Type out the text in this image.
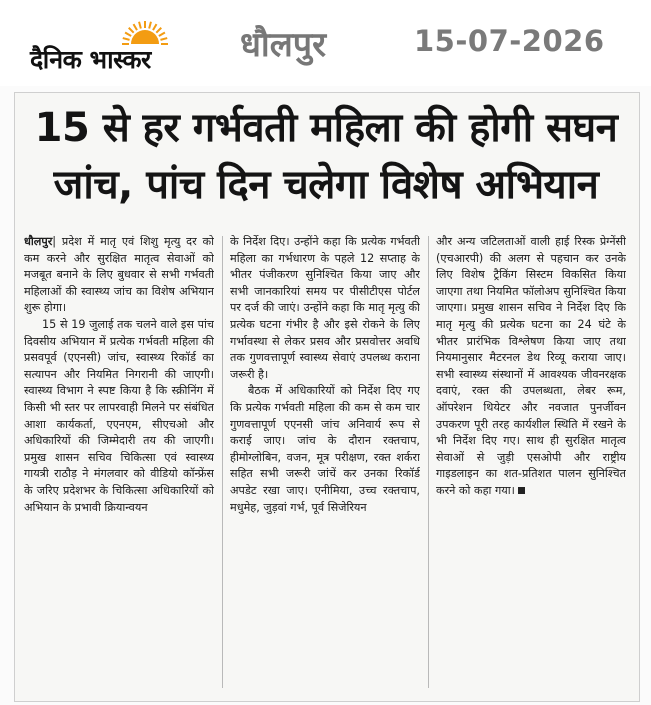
दैनिक भास्कर	धौलपुर	15-07-2026
15 से हर गर्भवती महिला की होगी सघन
जांच, पांच दिन चलेगा विशेष अभियान

धौलपुर| प्रदेश में मातृ एवं शिशु मृत्यु दर को कम करने और सुरक्षित मातृत्व सेवाओं को मजबूत बनाने के लिए बुधवार से सभी गर्भवती महिलाओं की स्वास्थ्य जांच का विशेष अभियान शुरू होगा।

15 से 19 जुलाई तक चलने वाले इस पांच दिवसीय अभियान में प्रत्येक गर्भवती महिला की प्रसवपूर्व (एएनसी) जांच, स्वास्थ्य रिकॉर्ड का सत्यापन और नियमित निगरानी की जाएगी। स्वास्थ्य विभाग ने स्पष्ट किया है कि स्क्रीनिंग में किसी भी स्तर पर लापरवाही मिलने पर संबंधित आशा कार्यकर्ता, एएनएम, सीएचओ और अधिकारियों की जिम्मेदारी तय की जाएगी। प्रमुख शासन सचिव चिकित्सा एवं स्वास्थ्य गायत्री राठौड़ ने मंगलवार को वीडियो कॉन्फ्रेंस के जरिए प्रदेशभर के चिकित्सा अधिकारियों को अभियान के प्रभावी क्रियान्वयन

के निर्देश दिए। उन्होंने कहा कि प्रत्येक गर्भवती महिला का गर्भधारण के पहले 12 सप्ताह के भीतर पंजीकरण सुनिश्चित किया जाए और सभी जानकारियां समय पर पीसीटीएस पोर्टल पर दर्ज की जाएं। उन्होंने कहा कि मातृ मृत्यु की प्रत्येक घटना गंभीर है और इसे रोकने के लिए गर्भावस्था से लेकर प्रसव और प्रसवोत्तर अवधि तक गुणवत्तापूर्ण स्वास्थ्य सेवाएं उपलब्ध कराना जरूरी है।

बैठक में अधिकारियों को निर्देश दिए गए कि प्रत्येक गर्भवती महिला की कम से कम चार गुणवत्तापूर्ण एएनसी जांच अनिवार्य रूप से कराई जाए। जांच के दौरान रक्तचाप, हीमोग्लोबिन, वजन, मूत्र परीक्षण, रक्त शर्करा सहित सभी जरूरी जांचें कर उनका रिकॉर्ड अपडेट रखा जाए। एनीमिया, उच्च रक्तचाप, मधुमेह, जुड़वां गर्भ, पूर्व सिजेरियन

और अन्य जटिलताओं वाली हाई रिस्क प्रेग्नेंसी (एचआरपी) की अलग से पहचान कर उनके लिए विशेष ट्रैकिंग सिस्टम विकसित किया जाएगा तथा नियमित फॉलोअप सुनिश्चित किया जाएगा। प्रमुख शासन सचिव ने निर्देश दिए कि मातृ मृत्यु की प्रत्येक घटना का 24 घंटे के भीतर प्रारंभिक विश्लेषण किया जाए तथा नियमानुसार मैटरनल डेथ रिव्यू कराया जाए। सभी स्वास्थ्य संस्थानों में आवश्यक जीवनरक्षक दवाएं, रक्त की उपलब्धता, लेबर रूम, ऑपरेशन थियेटर और नवजात पुनर्जीवन उपकरण पूरी तरह कार्यशील स्थिति में रखने के भी निर्देश दिए गए। साथ ही सुरक्षित मातृत्व सेवाओं से जुड़ी एसओपी और राष्ट्रीय गाइडलाइन का शत-प्रतिशत पालन सुनिश्चित करने को कहा गया।
